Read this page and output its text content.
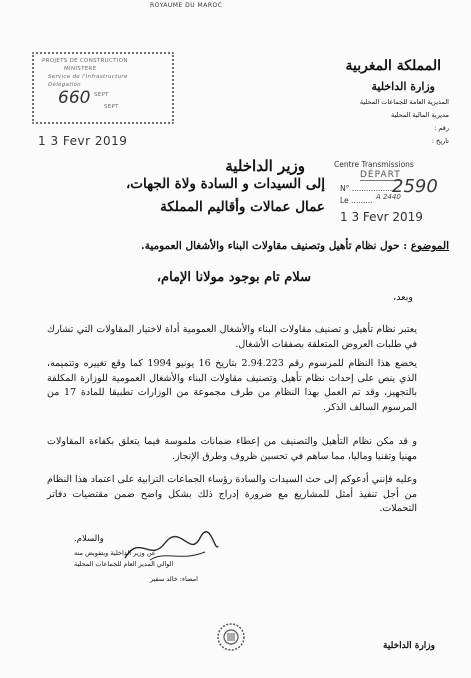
ROYAUME DU MAROC
المملكة المغربية
وزارة الداخلية
المديرية العامة للجماعات المحلية
مديرية المالية المحلية
رقم :
تاريخ :
PROJETS DE CONSTRUCTION
MINISTERE
Service de l'Infrastructure
Délégation
SEPT
SEPT
660
1 3 Fevr 2019
Centre Transmissions
DÉPART
N° ..................
2590
Le ......... A 2440
1 3 Fevr 2019
وزير الداخلية
إلى السيدات و السادة ولاة الجهات،
عمال عمالات وأقاليم المملكة
الموضوع : حول نظام تأهيل وتصنيف مقاولات البناء والأشغال العمومية.
سلام تام بوجود مولانا الإمام،
وبعد،
يعتبر نظام تأهيل و تصنيف مقاولات البناء والأشغال العمومية أداة لاختيار المقاولات التي تشارك في طلبات العروض المتعلقة بصفقات الأشغال.
يخضع هذا النظام للمرسوم رقم 2.94.223 بتاريخ 16 يونيو 1994 كما وقع تغييره وتتميمه، الذي ينص على إحداث نظام تأهيل وتصنيف مقاولات البناء والأشغال العمومية للوزارة المكلفة بالتجهيز، وقد تم العمل بهذا النظام من طرف مجموعة من الوزارات تطبيقا للمادة 17 من المرسوم السالف الذكر.
و قد مكن نظام التأهيل والتصنيف من إعطاء ضمانات ملموسة فيما يتعلق بكفاءة المقاولات مهنيا وتقنيا وماليا، مما ساهم في تحسين ظروف وطرق الإنجاز.
وعليه فإنني أدعوكم إلى حث السيدات والسادة رؤساء الجماعات الترابية على اعتماد هذا النظام من أجل تنفيذ أمثل للمشاريع مع ضرورة إدراج ذلك بشكل واضح ضمن مقتضيات دفاتر التحملات.
والسلام.
عن وزير الداخلية وبتفويض منه
الوالي المدير العام للجماعات المحلية
امضاء: خالد سفير
وزارة الداخلية
